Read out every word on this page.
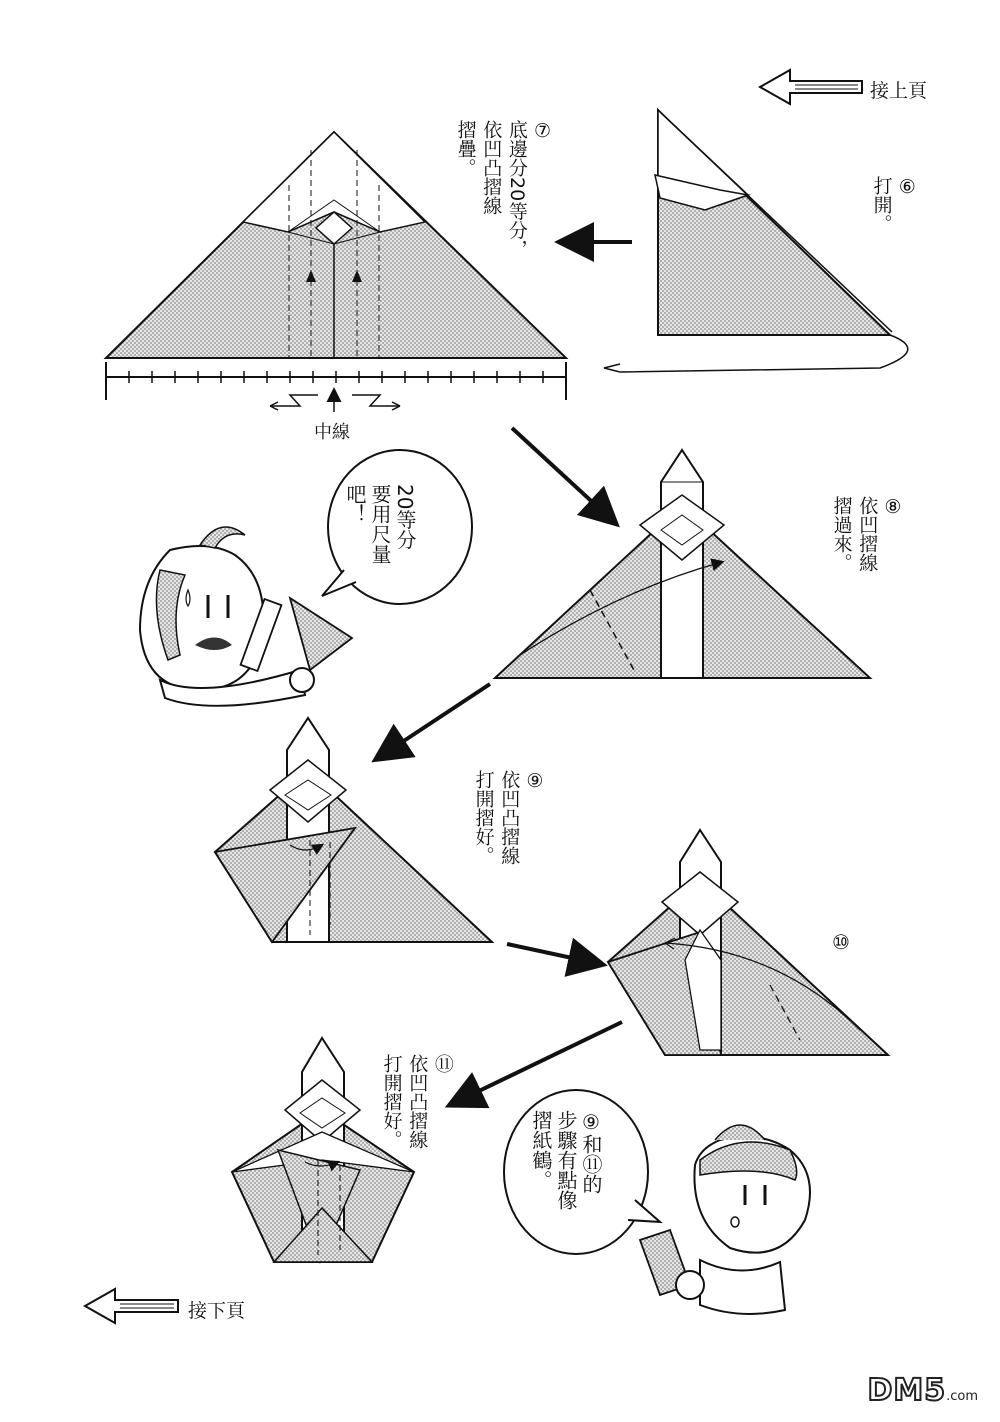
接上頁
接下頁
⑥
打開。
⑦
底邊分20等分，
依凹凸摺線
摺疊。
中線
⑧
依凹摺線
摺過來。
⑨
依凹凸摺線
打開摺好。
⑩
⑪
依凹凸摺線
打開摺好。
20等分
要用尺量
吧！
⑨和⑪的
步驟有點像
摺紙鶴。
DM5.com
